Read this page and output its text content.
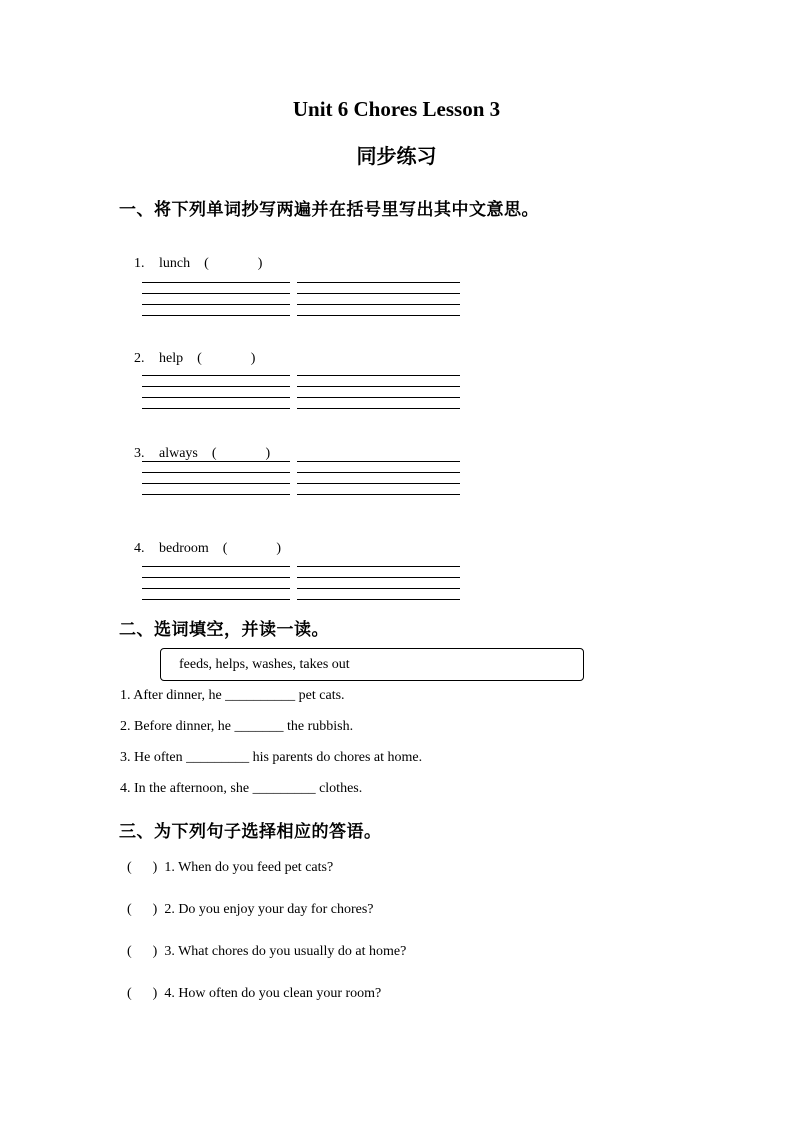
Unit 6 Chores Lesson 3
同步练习
一、将下列单词抄写两遍并在括号里写出其中文意思。

1. lunch (              )

2. help (              )

3. always (              )

4. bedroom (              )

二、选词填空，并读一读。
feeds, helps, washes, takes out
1. After dinner, he __________ pet cats.
2. Before dinner, he _______ the rubbish.
3. He often _________ his parents do chores at home.
4. In the afternoon, she _________ clothes.
三、为下列句子选择相应的答语。
(      )  1. When do you feed pet cats?
(      )  2. Do you enjoy your day for chores?
(      )  3. What chores do you usually do at home?
(      )  4. How often do you clean your room?
